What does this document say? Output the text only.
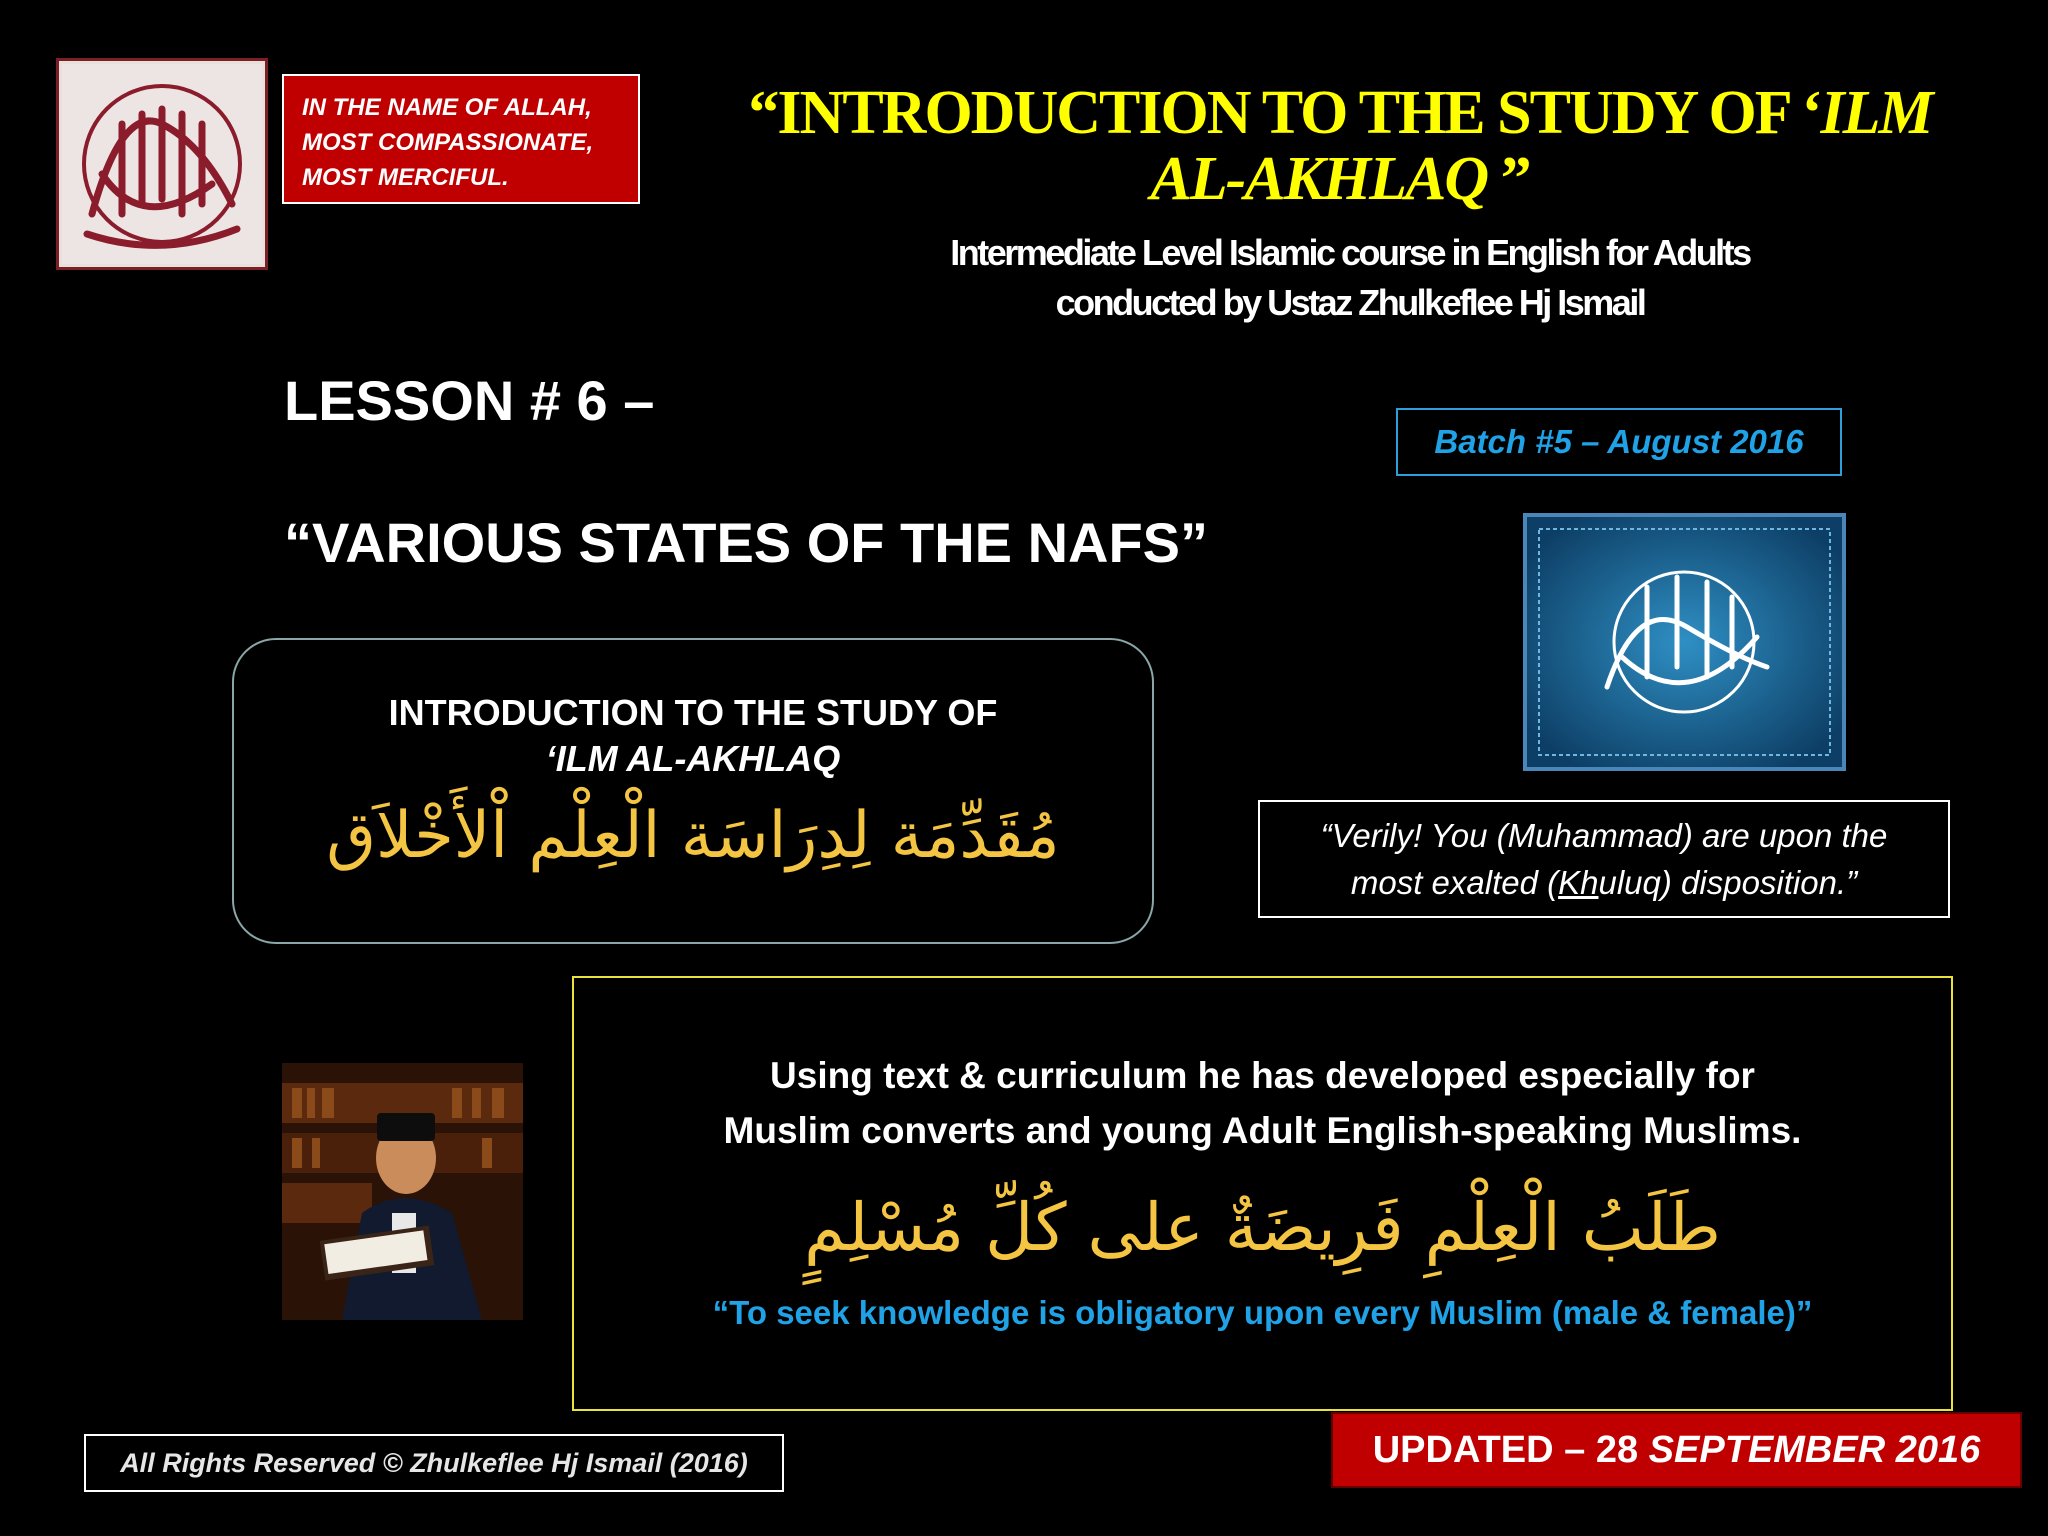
IN THE NAME OF ALLAH, MOST COMPASSIONATE, MOST MERCIFUL.
“INTRODUCTION TO THE STUDY OF ‘ILM
AL-AKHLAQ ”
Intermediate Level Islamic course in English for Adults
conducted by Ustaz Zhulkeflee Hj Ismail
LESSON # 6 –
“VARIOUS STATES OF THE NAFS”
Batch #5 – August 2016
INTRODUCTION TO THE STUDY OF
‘ILM AL-AKHLAQ
مُقَدِّمَة لِدِرَاسَة الْعِلْم اْلأَخْلاَق	“Verily! You (Muhammad) are upon the
most exalted (Khuluq) disposition.”
Using text & curriculum he has developed especially for
Muslim converts and young Adult English-speaking Muslims.
طَلَبُ الْعِلْمِ فَرِيضَةٌ على كُلِّ مُسْلِمٍ
“To seek knowledge is obligatory upon every Muslim (male & female)”
All Rights Reserved © Zhulkeflee Hj Ismail (2016)	UPDATED – 28 SEPTEMBER 2016
